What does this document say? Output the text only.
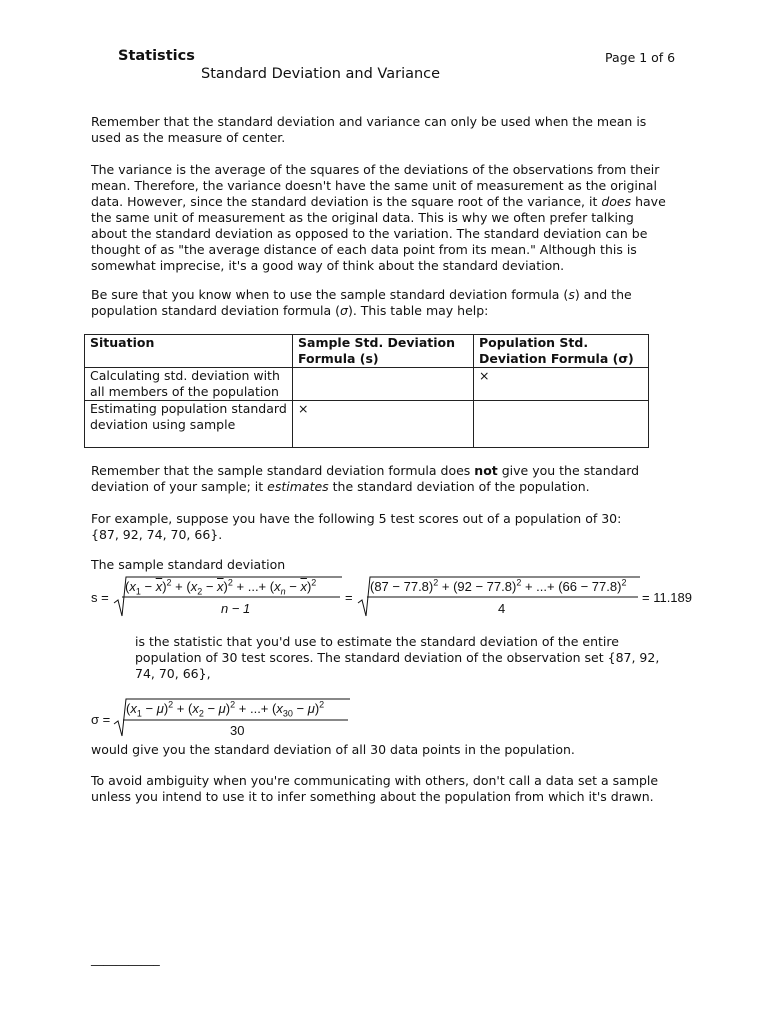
Statistics
Standard Deviation and Variance
Page 1 of 6
Remember that the standard deviation and variance can only be used when the mean is used as the measure of center.
The variance is the average of the squares of the deviations of the observations from their mean. Therefore, the variance doesn't have the same unit of measurement as the original data. However, since the standard deviation is the square root of the variance, it does have the same unit of measurement as the original data. This is why we often prefer talking about the standard deviation as opposed to the variation. The standard deviation can be thought of as "the average distance of each data point from its mean." Although this is somewhat imprecise, it's a good way of think about the standard deviation.
Be sure that you know when to use the sample standard deviation formula (s) and the population standard deviation formula (σ). This table may help:
Situation	Sample Std. Deviation Formula (s)	Population Std. Deviation Formula (σ)
Calculating std. deviation with all members of the population		×
Estimating population standard deviation using sample	×	
Remember that the sample standard deviation formula does not give you the standard deviation of your sample; it estimates the standard deviation of the population.
For example, suppose you have the following 5 test scores out of a population of 30:
{87, 92, 74, 70, 66}.
The sample standard deviation
s =
$(x_1 - \overline{x})^2 + (x_2 - \overline{x})^2$ + ...+ $(x_n - \overline{x})^2$
n − 1
=
$(87 - 77.8)^2 + (92 - 77.8)^2$ + ...+ $(66 - 77.8)^2$
4
= 11.189
is the statistic that you'd use to estimate the standard deviation of the entire population of 30 test scores. The standard deviation of the observation set {87, 92, 74, 70, 66},
σ =
$(x_1 - \mu)^2 + (x_2 - \mu)^2$ + ...+ $(x_{30} - \mu)^2$
30
would give you the standard deviation of all 30 data points in the population.
To avoid ambiguity when you're communicating with others, don't call a data set a sample unless you intend to use it to infer something about the population from which it's drawn.
___________
